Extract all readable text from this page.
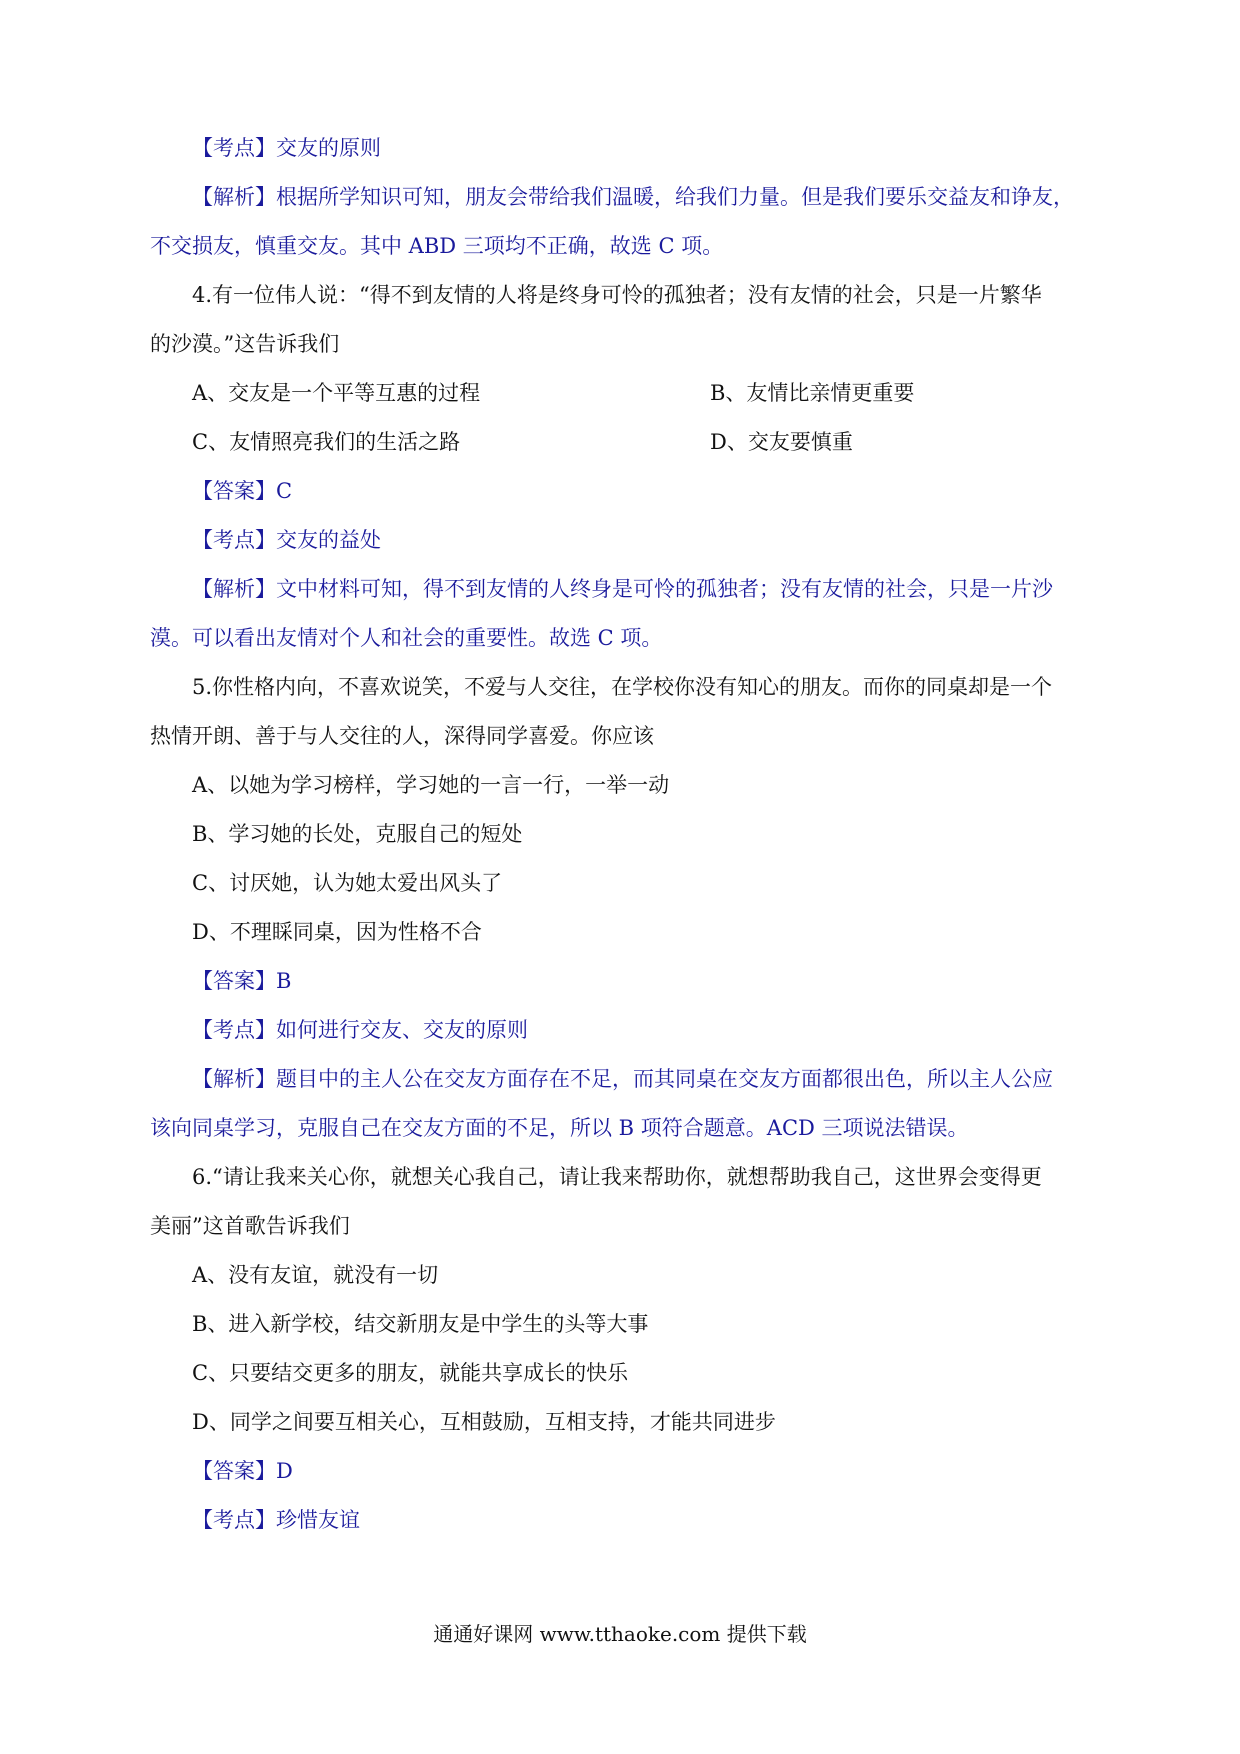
【考点】交友的原则
【解析】根据所学知识可知，朋友会带给我们温暖，给我们力量。但是我们要乐交益友和诤友，
不交损友，慎重交友。其中 ABD 三项均不正确，故选 C 项。
4.有一位伟人说：“得不到友情的人将是终身可怜的孤独者；没有友情的社会，只是一片繁华
的沙漠。”这告诉我们
A、交友是一个平等互惠的过程	B、友情比亲情更重要
C、友情照亮我们的生活之路	D、交友要慎重
【答案】C
【考点】交友的益处
【解析】文中材料可知，得不到友情的人终身是可怜的孤独者；没有友情的社会，只是一片沙
漠。可以看出友情对个人和社会的重要性。故选 C 项。
5.你性格内向，不喜欢说笑，不爱与人交往，在学校你没有知心的朋友。而你的同桌却是一个
热情开朗、善于与人交往的人，深得同学喜爱。你应该
A、以她为学习榜样，学习她的一言一行，一举一动
B、学习她的长处，克服自己的短处
C、讨厌她，认为她太爱出风头了
D、不理睬同桌，因为性格不合
【答案】B
【考点】如何进行交友、交友的原则
【解析】题目中的主人公在交友方面存在不足，而其同桌在交友方面都很出色，所以主人公应
该向同桌学习，克服自己在交友方面的不足，所以 B 项符合题意。ACD 三项说法错误。
6.“请让我来关心你，就想关心我自己，请让我来帮助你，就想帮助我自己，这世界会变得更
美丽”这首歌告诉我们
A、没有友谊，就没有一切
B、进入新学校，结交新朋友是中学生的头等大事
C、只要结交更多的朋友，就能共享成长的快乐
D、同学之间要互相关心，互相鼓励，互相支持，才能共同进步
【答案】D
【考点】珍惜友谊
通通好课网 www.tthaoke.com 提供下载
